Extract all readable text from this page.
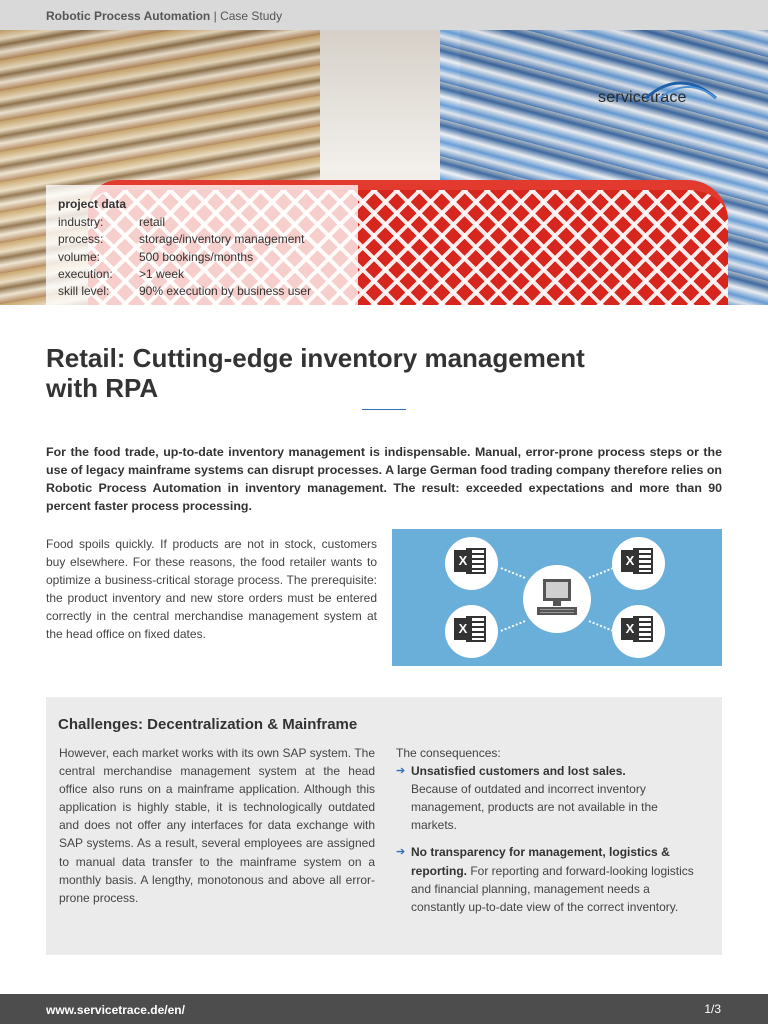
Robotic Process Automation | Case Study
servicetrace
project data
industry:	retail
process:	storage/inventory management
volume:	500 bookings/months
execution: >1 week
skill level: 90% execution by business user
Retail: Cutting-edge inventory management
with RPA

For the food trade, up-to-date inventory management is indispensable. Manual, error-prone process steps or the use of legacy mainframe systems can disrupt processes. A large German food trading company therefore relies on Robotic Process Automation in inventory management. The result: exceeded expectations and more than 90 percent faster process processing.

Food spoils quickly. If products are not in stock, customers buy elsewhere. For these reasons, the food retailer wants to optimize a business-critical storage process. The prerequisite: the product inventory and new store orders must be entered correctly in the central merchandise management system at the head office on fixed dates.

X
X
X
X
Challenges: Decentralization & Mainframe

However, each market works with its own SAP system. The central merchandise management system at the head office also runs on a mainframe application. Although this application is highly stable, it is technologically outdated and does not offer any interfaces for data exchange with SAP systems. As a result, several employees are assigned to manual data transfer to the mainframe system on a monthly basis. A lengthy, monotonous and above all error-prone process.

The consequences:
➔ Unsatisfied customers and lost sales.
Because of outdated and incorrect inventory management, products are not available in the markets.
➔ No transparency for management, logistics & reporting. For reporting and forward-looking logistics and financial planning, management needs a constantly up-to-date view of the correct inventory.
www.servicetrace.de/en/	1/3
